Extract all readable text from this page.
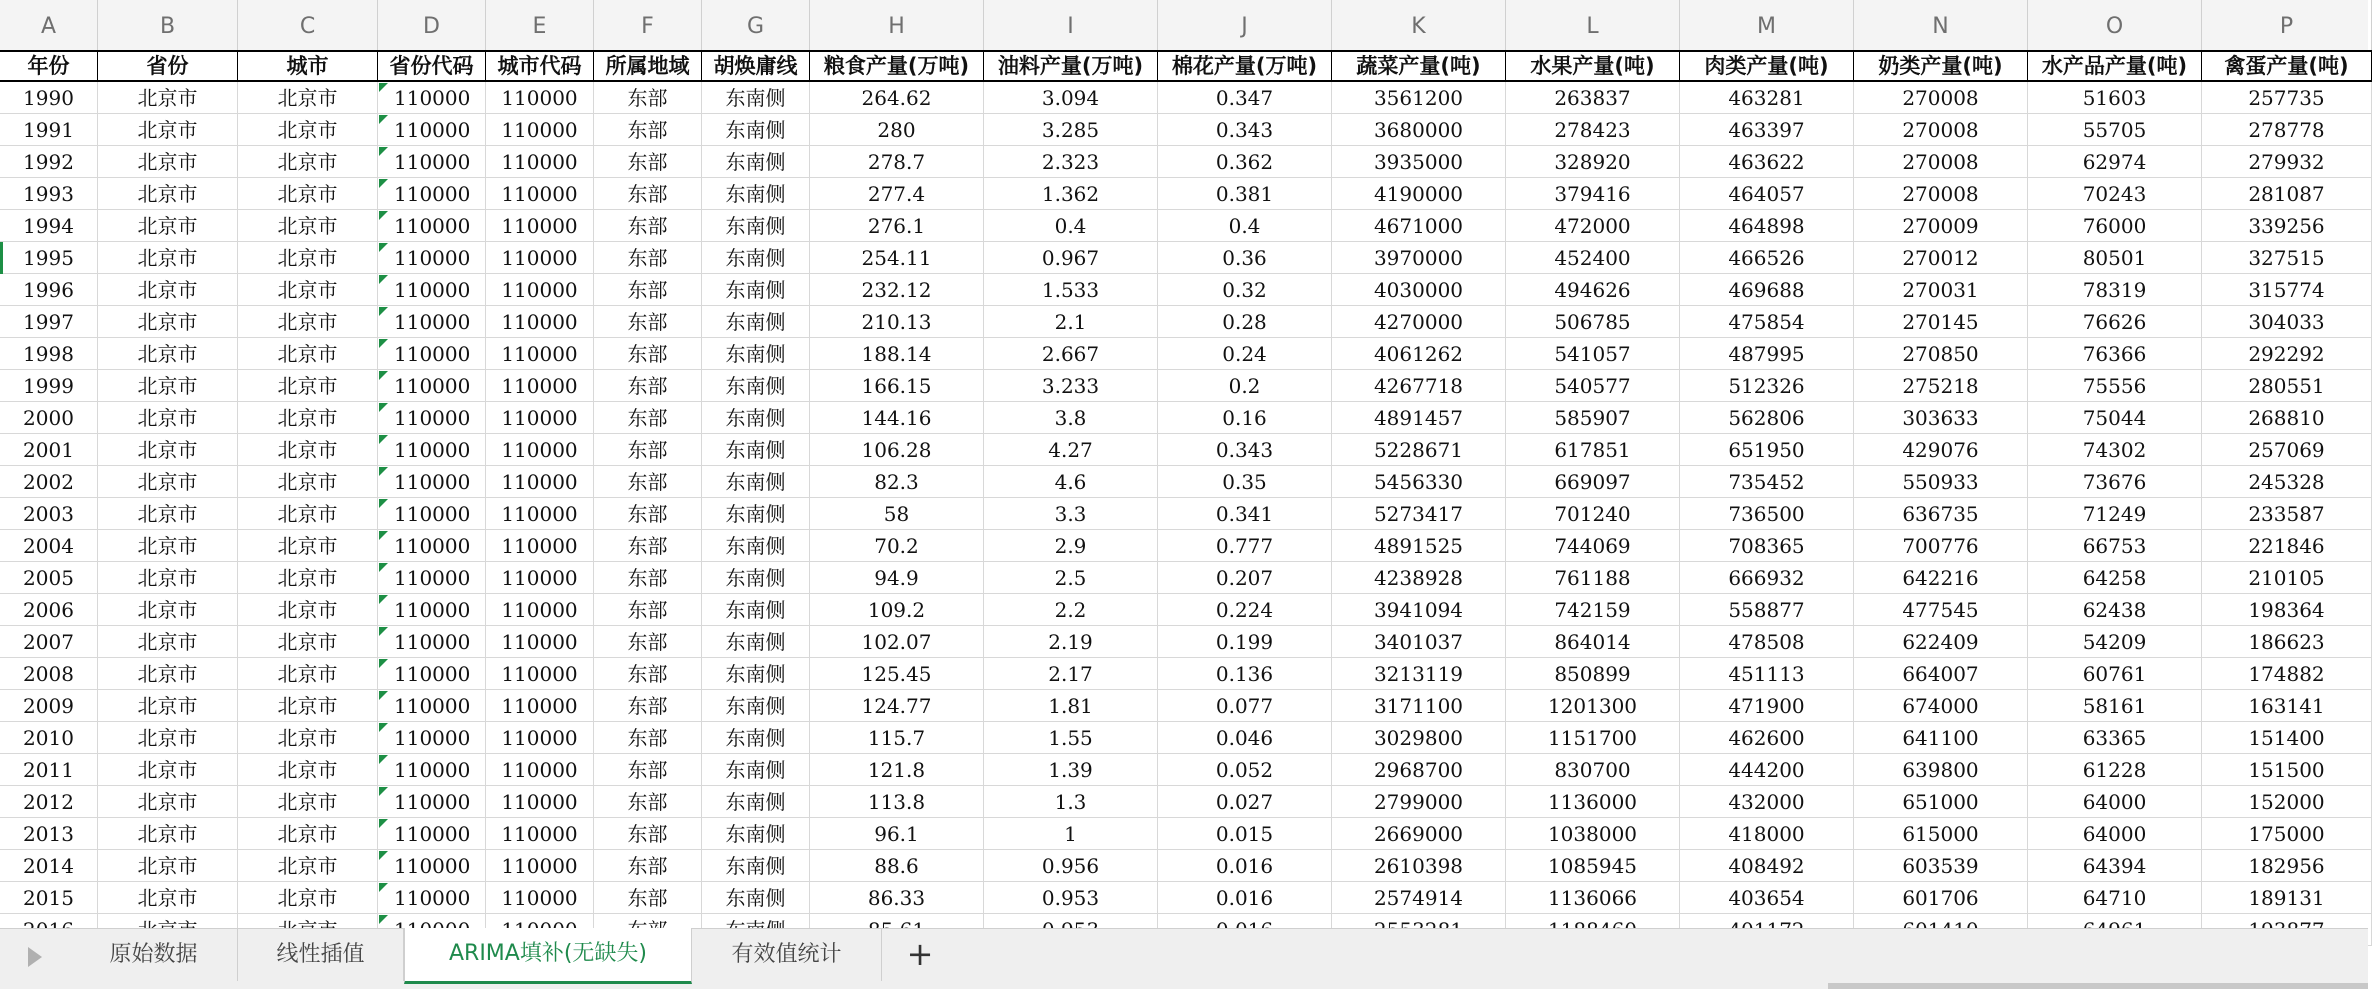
A	B	C	D	E	F	G	H	I	J	K	L	M	N	O	P
年份	省份	城市	省份代码	城市代码	所属地域	胡焕庸线	粮食产量(万吨)	油料产量(万吨)	棉花产量(万吨)	蔬菜产量(吨)	水果产量(吨)	肉类产量(吨)	奶类产量(吨)	水产品产量(吨)	禽蛋产量(吨)
1990	北京市	北京市	110000	110000	东部	东南侧	264.62	3.094	0.347	3561200	263837	463281	270008	51603	257735
1991	北京市	北京市	110000	110000	东部	东南侧	280	3.285	0.343	3680000	278423	463397	270008	55705	278778
1992	北京市	北京市	110000	110000	东部	东南侧	278.7	2.323	0.362	3935000	328920	463622	270008	62974	279932
1993	北京市	北京市	110000	110000	东部	东南侧	277.4	1.362	0.381	4190000	379416	464057	270008	70243	281087
1994	北京市	北京市	110000	110000	东部	东南侧	276.1	0.4	0.4	4671000	472000	464898	270009	76000	339256
1995	北京市	北京市	110000	110000	东部	东南侧	254.11	0.967	0.36	3970000	452400	466526	270012	80501	327515
1996	北京市	北京市	110000	110000	东部	东南侧	232.12	1.533	0.32	4030000	494626	469688	270031	78319	315774
1997	北京市	北京市	110000	110000	东部	东南侧	210.13	2.1	0.28	4270000	506785	475854	270145	76626	304033
1998	北京市	北京市	110000	110000	东部	东南侧	188.14	2.667	0.24	4061262	541057	487995	270850	76366	292292
1999	北京市	北京市	110000	110000	东部	东南侧	166.15	3.233	0.2	4267718	540577	512326	275218	75556	280551
2000	北京市	北京市	110000	110000	东部	东南侧	144.16	3.8	0.16	4891457	585907	562806	303633	75044	268810
2001	北京市	北京市	110000	110000	东部	东南侧	106.28	4.27	0.343	5228671	617851	651950	429076	74302	257069
2002	北京市	北京市	110000	110000	东部	东南侧	82.3	4.6	0.35	5456330	669097	735452	550933	73676	245328
2003	北京市	北京市	110000	110000	东部	东南侧	58	3.3	0.341	5273417	701240	736500	636735	71249	233587
2004	北京市	北京市	110000	110000	东部	东南侧	70.2	2.9	0.777	4891525	744069	708365	700776	66753	221846
2005	北京市	北京市	110000	110000	东部	东南侧	94.9	2.5	0.207	4238928	761188	666932	642216	64258	210105
2006	北京市	北京市	110000	110000	东部	东南侧	109.2	2.2	0.224	3941094	742159	558877	477545	62438	198364
2007	北京市	北京市	110000	110000	东部	东南侧	102.07	2.19	0.199	3401037	864014	478508	622409	54209	186623
2008	北京市	北京市	110000	110000	东部	东南侧	125.45	2.17	0.136	3213119	850899	451113	664007	60761	174882
2009	北京市	北京市	110000	110000	东部	东南侧	124.77	1.81	0.077	3171100	1201300	471900	674000	58161	163141
2010	北京市	北京市	110000	110000	东部	东南侧	115.7	1.55	0.046	3029800	1151700	462600	641100	63365	151400
2011	北京市	北京市	110000	110000	东部	东南侧	121.8	1.39	0.052	2968700	830700	444200	639800	61228	151500
2012	北京市	北京市	110000	110000	东部	东南侧	113.8	1.3	0.027	2799000	1136000	432000	651000	64000	152000
2013	北京市	北京市	110000	110000	东部	东南侧	96.1	1	0.015	2669000	1038000	418000	615000	64000	175000
2014	北京市	北京市	110000	110000	东部	东南侧	88.6	0.956	0.016	2610398	1085945	408492	603539	64394	182956
2015	北京市	北京市	110000	110000	东部	东南侧	86.33	0.953	0.016	2574914	1136066	403654	601706	64710	189131
原始数据	线性插值	ARIMA填补(无缺失)	有效值统计	+
